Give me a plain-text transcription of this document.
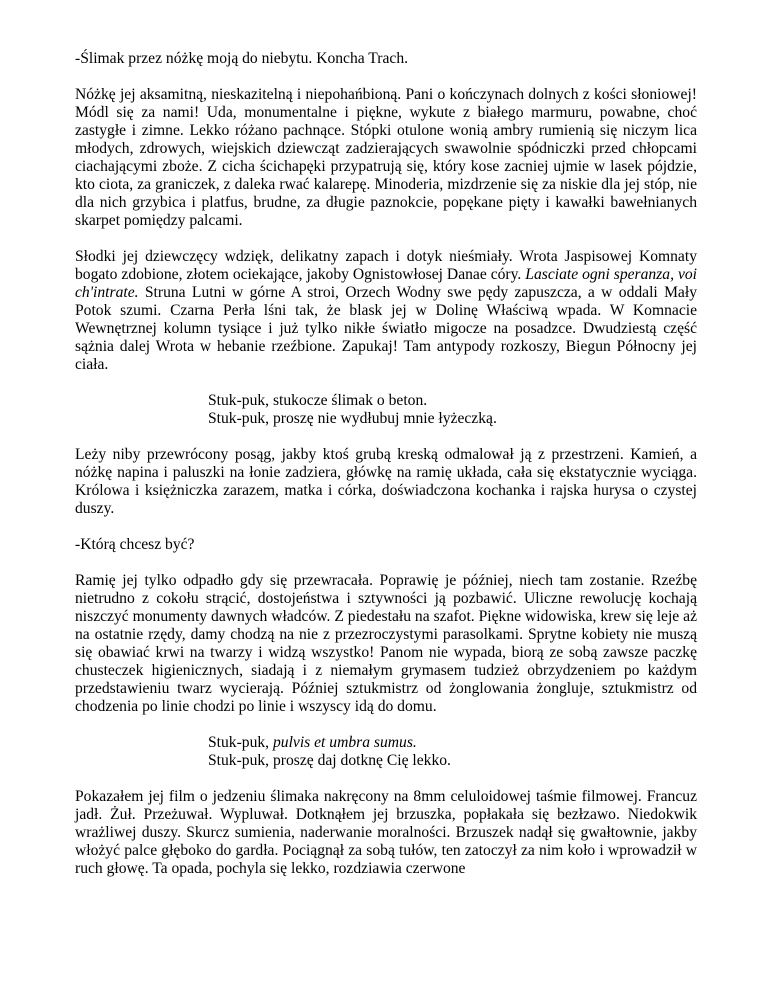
-Ślimak przez nóżkę moją do niebytu. Koncha Trach.

Nóżkę jej aksamitną, nieskazitelną i niepohańbioną. Pani o kończynach dolnych z kości słoniowej! Módl się za nami! Uda, monumentalne i piękne, wykute z białego marmuru, powabne, choć zastygłe i zimne. Lekko różano pachnące. Stópki otulone wonią ambry rumienią się niczym lica młodych, zdrowych, wiejskich dziewcząt zadzierających swawolnie spódniczki przed chłopcami ciachającymi zboże. Z cicha ścichapęki przypatrują się, który kose zacniej ujmie w lasek pójdzie, kto ciota, za graniczek, z daleka rwać kalarepę. Minoderia, mizdrzenie się za niskie dla jej stóp, nie dla nich grzybica i platfus, brudne, za długie paznokcie, popękane pięty i kawałki bawełnianych skarpet pomiędzy palcami.

Słodki jej dziewczęcy wdzięk, delikatny zapach i dotyk nieśmiały. Wrota Jaspisowej Komnaty bogato zdobione, złotem ociekające, jakoby Ognistowłosej Danae córy. Lasciate ogni speranza, voi ch'intrate. Struna Lutni w górne A stroi, Orzech Wodny swe pędy zapuszcza, a w oddali Mały Potok szumi. Czarna Perła lśni tak, że blask jej w Dolinę Właściwą wpada. W Komnacie Wewnętrznej kolumn tysiące i już tylko nikłe światło migocze na posadzce. Dwudziestą część sążnia dalej Wrota w hebanie rzeźbione. Zapukaj! Tam antypody rozkoszy, Biegun Północny jej ciała.

Stuk-puk, stukocze ślimak o beton.
Stuk-puk, proszę nie wydłubuj mnie łyżeczką.

Leży niby przewrócony posąg, jakby ktoś grubą kreską odmalował ją z przestrzeni. Kamień, a nóżkę napina i paluszki na łonie zadziera, główkę na ramię układa, cała się ekstatycznie wyciąga. Królowa i księżniczka zarazem, matka i córka, doświadczona kochanka i rajska hurysa o czystej duszy.

-Którą chcesz być?

Ramię jej tylko odpadło gdy się przewracała. Poprawię je później, niech tam zostanie. Rzeźbę nietrudno z cokołu strącić, dostojeństwa i sztywności ją pozbawić. Uliczne rewolucję kochają niszczyć monumenty dawnych władców. Z piedestału na szafot. Piękne widowiska, krew się leje aż na ostatnie rzędy, damy chodzą na nie z przezroczystymi parasolkami. Sprytne kobiety nie muszą się obawiać krwi na twarzy i widzą wszystko! Panom nie wypada, biorą ze sobą zawsze paczkę chusteczek higienicznych, siadają i z niemałym grymasem tudzież obrzydzeniem po każdym przedstawieniu twarz wycierają. Później sztukmistrz od żonglowania żongluje, sztukmistrz od chodzenia po linie chodzi po linie i wszyscy idą do domu.

Stuk-puk, pulvis et umbra sumus.
Stuk-puk, proszę daj dotknę Cię lekko.

Pokazałem jej film o jedzeniu ślimaka nakręcony na 8mm celuloidowej taśmie filmowej. Francuz jadł. Żuł. Przeżuwał. Wypluwał. Dotknąłem jej brzuszka, popłakała się bezłzawo. Niedokwik wrażliwej duszy. Skurcz sumienia, naderwanie moralności. Brzuszek nadął się gwałtownie, jakby włożyć palce głęboko do gardła. Pociągnął za sobą tułów, ten zatoczył za nim koło i wprowadził w ruch głowę. Ta opada, pochyla się lekko, rozdziawia czerwone
